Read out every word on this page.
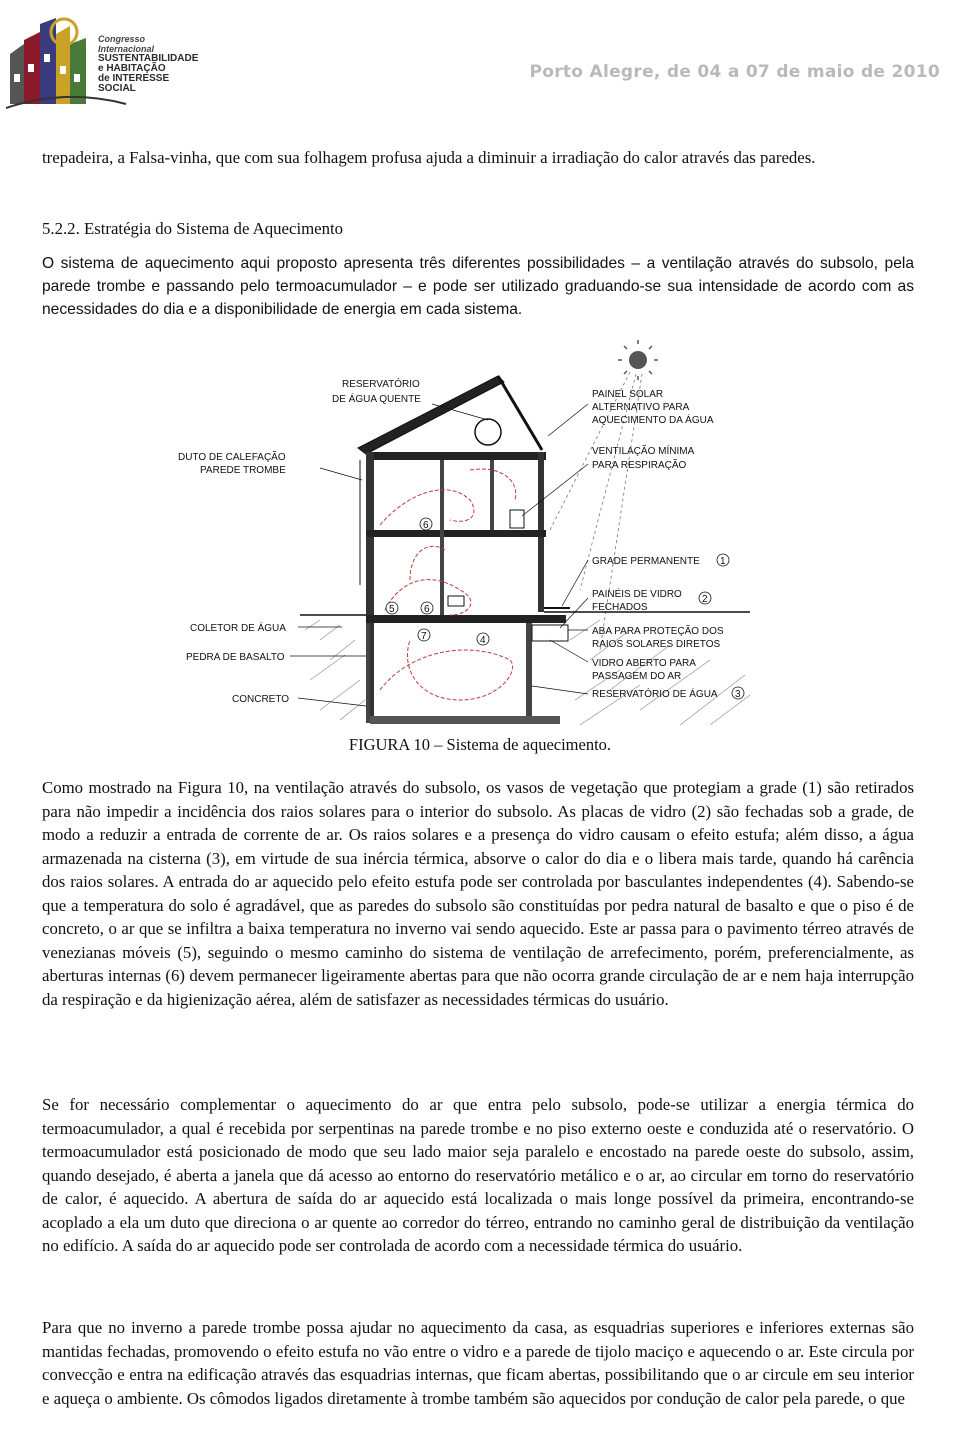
Congresso
Internacional
SUSTENTABILIDADE
e HABITAÇÃO
de INTERESSE SOCIAL
Porto Alegre, de 04 a 07 de maio de 2010

trepadeira, a Falsa-vinha, que com sua folhagem profusa ajuda a diminuir a irradiação do calor através das paredes.

5.2.2. Estratégia do Sistema de Aquecimento

O sistema de aquecimento aqui proposto apresenta três diferentes possibilidades – a ventilação através do subsolo, pela parede trombe e passando pelo termoacumulador – e pode ser utilizado graduando-se sua intensidade de acordo com as necessidades do dia e a disponibilidade de energia em cada sistema.

RESERVATÓRIO
DE ÁGUA QUENTE	PAINEL SOLAR
ALTERNATIVO PARA
AQUECIMENTO DA ÁGUA
DUTO DE CALEFAÇÃO
PAREDE TROMBE
VENTILAÇÃO MÍNIMA
PARA RESPIRAÇÃO
GRADE PERMANENTE
PAINÉIS DE VIDRO
FECHADOS
COLETOR DE ÁGUA	ABA PARA PROTEÇÃO DOS
RAIOS SOLARES DIRETOS
PEDRA DE BASALTO
VIDRO ABERTO PARA
PASSAGEM DO AR
CONCRETO	RESERVATÓRIO DE ÁGUA
1
2
3
4
5	6
6
7
FIGURA 10 – Sistema de aquecimento.

Como mostrado na Figura 10, na ventilação através do subsolo, os vasos de vegetação que protegiam a grade (1) são retirados para não impedir a incidência dos raios solares para o interior do subsolo. As placas de vidro (2) são fechadas sob a grade, de modo a reduzir a entrada de corrente de ar. Os raios solares e a presença do vidro causam o efeito estufa; além disso, a água armazenada na cisterna (3), em virtude de sua inércia térmica, absorve o calor do dia e o libera mais tarde, quando há carência dos raios solares. A entrada do ar aquecido pelo efeito estufa pode ser controlada por basculantes independentes (4). Sabendo-se que a temperatura do solo é agradável, que as paredes do subsolo são constituídas por pedra natural de basalto e que o piso é de concreto, o ar que se infiltra a baixa temperatura no inverno vai sendo aquecido. Este ar passa para o pavimento térreo através de venezianas móveis (5), seguindo o mesmo caminho do sistema de ventilação de arrefecimento, porém, preferencialmente, as aberturas internas (6) devem permanecer ligeiramente abertas para que não ocorra grande circulação de ar e nem haja interrupção da respiração e da higienização aérea, além de satisfazer as necessidades térmicas do usuário.

Se for necessário complementar o aquecimento do ar que entra pelo subsolo, pode-se utilizar a energia térmica do termoacumulador, a qual é recebida por serpentinas na parede trombe e no piso externo oeste e conduzida até o reservatório. O termoacumulador está posicionado de modo que seu lado maior seja paralelo e encostado na parede oeste do subsolo, assim, quando desejado, é aberta a janela que dá acesso ao entorno do reservatório metálico e o ar, ao circular em torno do reservatório de calor, é aquecido. A abertura de saída do ar aquecido está localizada o mais longe possível da primeira, encontrando-se acoplado a ela um duto que direciona o ar quente ao corredor do térreo, entrando no caminho geral de distribuição da ventilação no edifício. A saída do ar aquecido pode ser controlada de acordo com a necessidade térmica do usuário.

Para que no inverno a parede trombe possa ajudar no aquecimento da casa, as esquadrias superiores e inferiores externas são mantidas fechadas, promovendo o efeito estufa no vão entre o vidro e a parede de tijolo maciço e aquecendo o ar. Este circula por convecção e entra na edificação através das esquadrias internas, que ficam abertas, possibilitando que o ar circule em seu interior e aqueça o ambiente. Os cômodos ligados diretamente à trombe também são aquecidos por condução de calor pela parede, o que
